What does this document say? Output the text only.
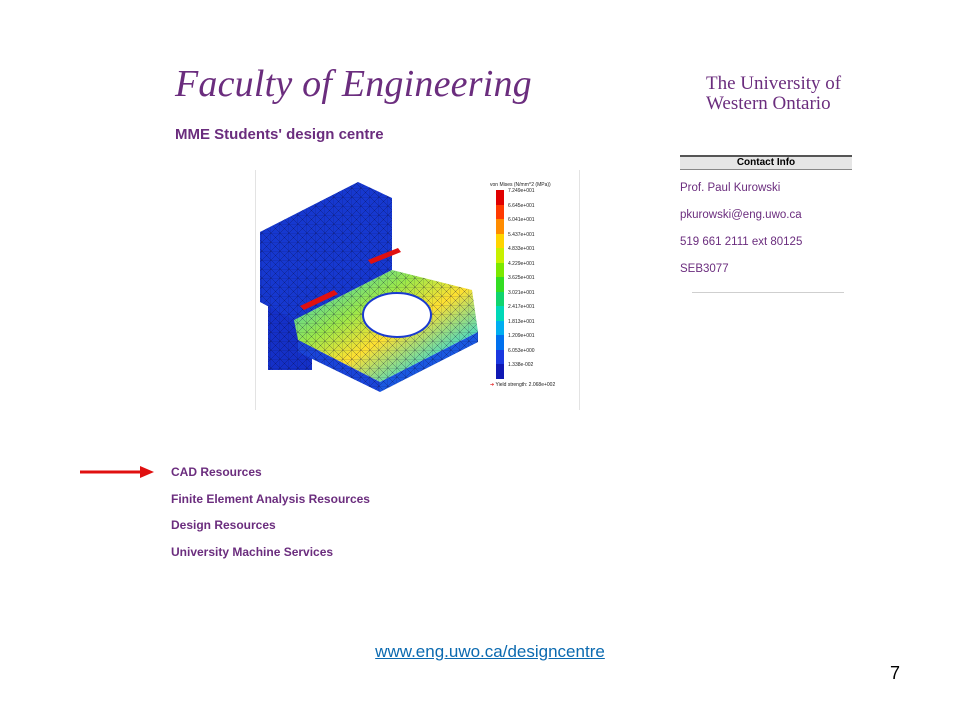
Faculty of Engineering
MME Students' design centre
The University of
Western Ontario
von Mises (N/mm^2 (MPa))
7.249e+001
6.645e+001
6.041e+001
5.437e+001
4.833e+001
4.229e+001
3.625e+001
3.021e+001
2.417e+001
1.813e+001
1.209e+001
6.053e+000
1.338e-002
➔ Yield strength: 2.068e+002
Contact Info
Prof. Paul Kurowski
pkurowski@eng.uwo.ca
519 661 2111 ext 80125
SEB3077
CAD Resources
Finite Element Analysis Resources
Design Resources
University Machine Services
www.eng.uwo.ca/designcentre
7
